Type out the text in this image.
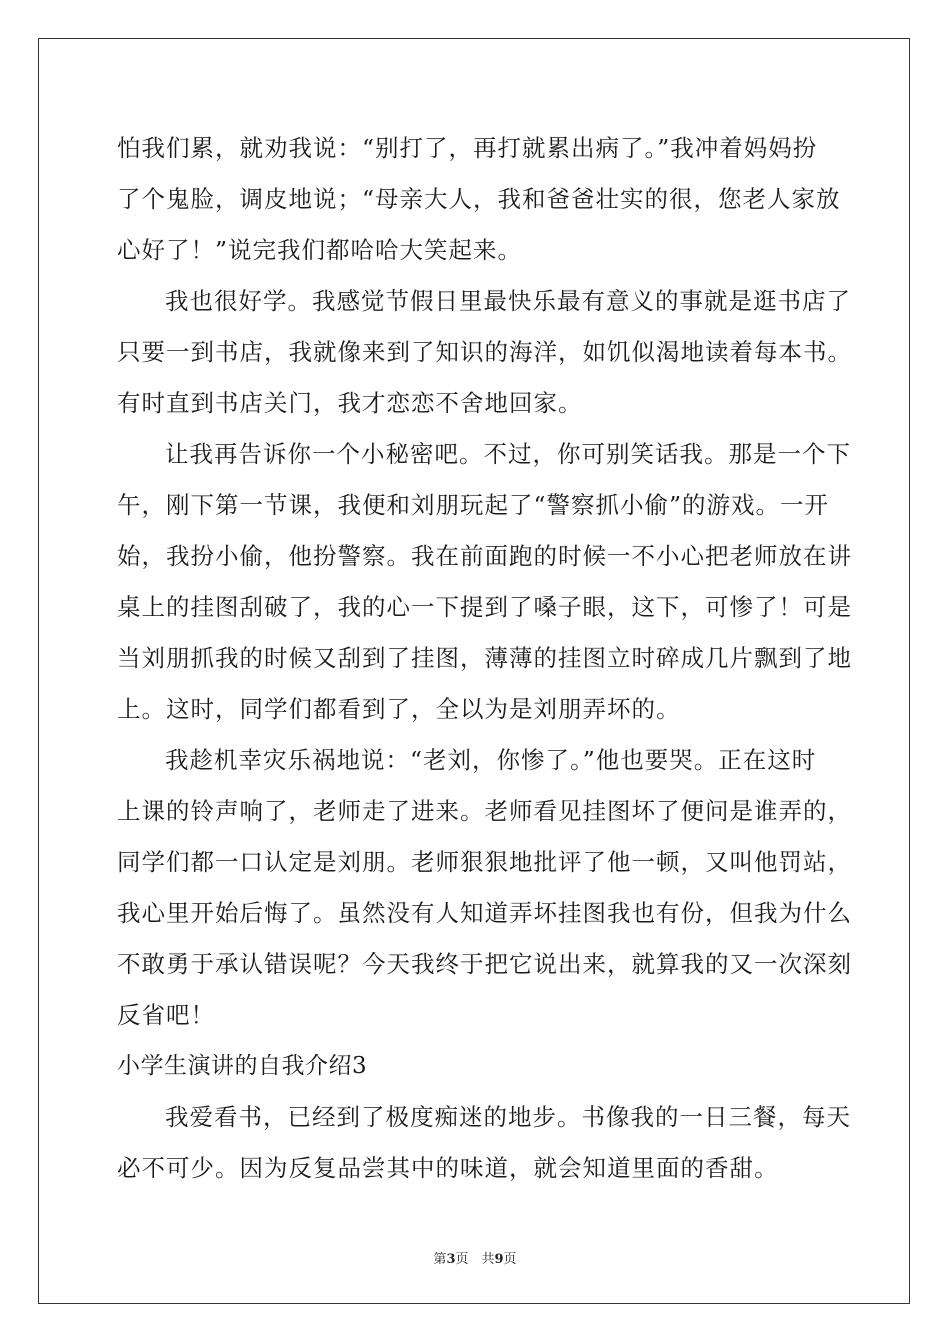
怕我们累，就劝我说：“别打了，再打就累出病了。”我冲着妈妈扮
了个鬼脸，调皮地说；“母亲大人，我和爸爸壮实的很，您老人家放
心好了！”说完我们都哈哈大笑起来。
我也很好学。我感觉节假日里最快乐最有意义的事就是逛书店了
只要一到书店，我就像来到了知识的海洋，如饥似渴地读着每本书。
有时直到书店关门，我才恋恋不舍地回家。
让我再告诉你一个小秘密吧。不过，你可别笑话我。那是一个下
午，刚下第一节课，我便和刘朋玩起了“警察抓小偷”的游戏。一开
始，我扮小偷，他扮警察。我在前面跑的时候一不小心把老师放在讲
桌上的挂图刮破了，我的心一下提到了嗓子眼，这下，可惨了！可是
当刘朋抓我的时候又刮到了挂图，薄薄的挂图立时碎成几片飘到了地
上。这时，同学们都看到了，全以为是刘朋弄坏的。
我趁机幸灾乐祸地说：“老刘，你惨了。”他也要哭。正在这时
上课的铃声响了，老师走了进来。老师看见挂图坏了便问是谁弄的，
同学们都一口认定是刘朋。老师狠狠地批评了他一顿，又叫他罚站，
我心里开始后悔了。虽然没有人知道弄坏挂图我也有份，但我为什么
不敢勇于承认错误呢？今天我终于把它说出来，就算我的又一次深刻
反省吧！
小学生演讲的自我介绍3
我爱看书，已经到了极度痴迷的地步。书像我的一日三餐，每天
必不可少。因为反复品尝其中的味道，就会知道里面的香甜。
第3页　共9页
